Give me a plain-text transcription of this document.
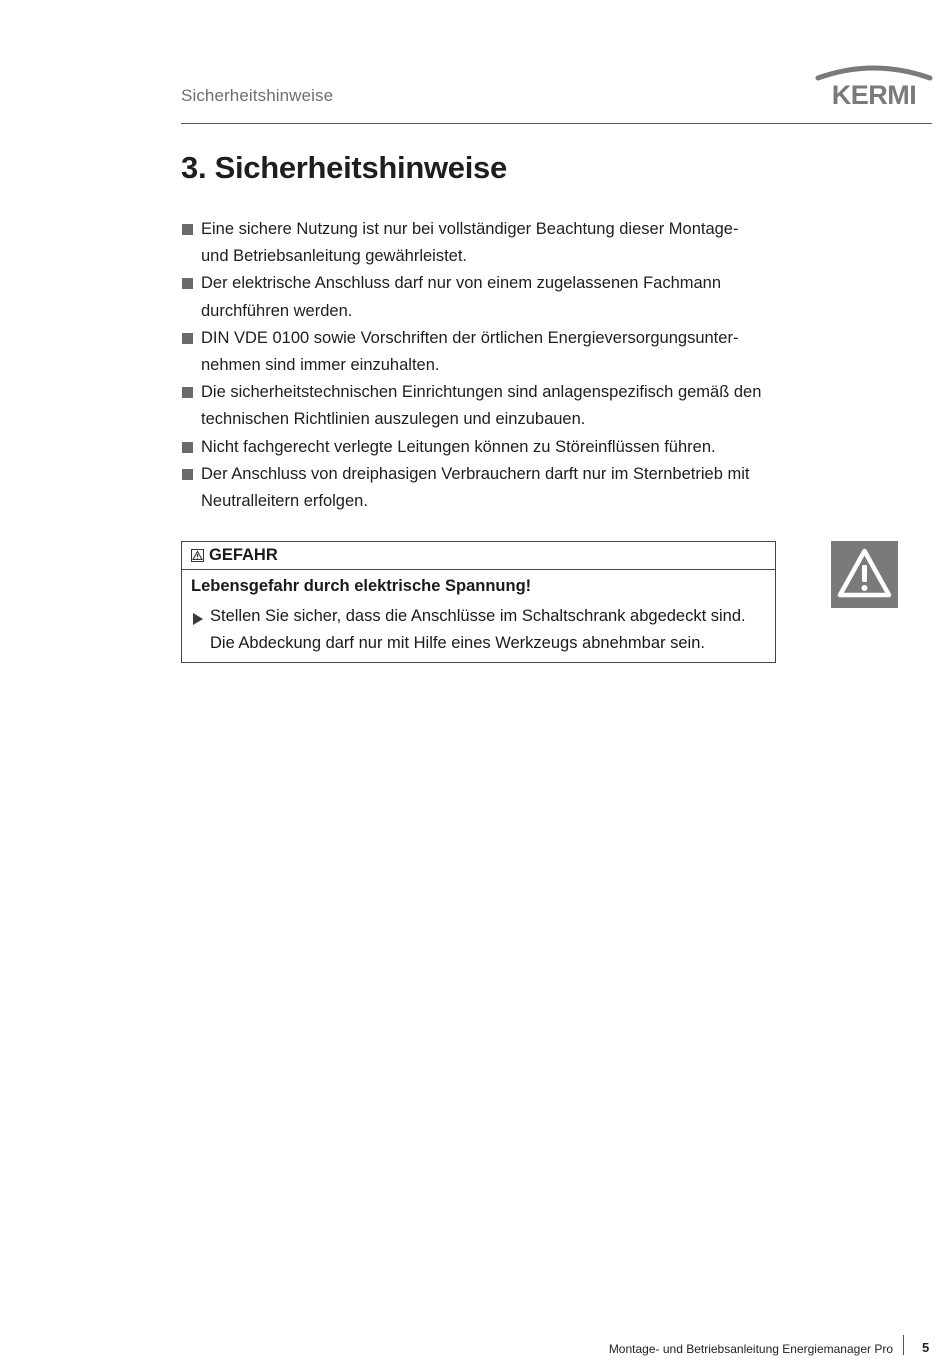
Sicherheitshinweise	KERMI
3. Sicherheitshinweise
Eine sichere Nutzung ist nur bei vollständiger Beachtung dieser Montage-
und Betriebsanleitung gewährleistet.
Der elektrische Anschluss darf nur von einem zugelassenen Fachmann
durchführen werden.
DIN VDE 0100 sowie Vorschriften der örtlichen Energieversorgungsunter-
nehmen sind immer einzuhalten.
Die sicherheitstechnischen Einrichtungen sind anlagenspezifisch gemäß den
technischen Richtlinien auszulegen und einzubauen.
Nicht fachgerecht verlegte Leitungen können zu Störeinflüssen führen.
Der Anschluss von dreiphasigen Verbrauchern darft nur im Sternbetrieb mit
Neutralleitern erfolgen.
GEFAHR
Lebensgefahr durch elektrische Spannung!
Stellen Sie sicher, dass die Anschlüsse im Schaltschrank abgedeckt sind.
Die Abdeckung darf nur mit Hilfe eines Werkzeugs abnehmbar sein.
Montage- und Betriebsanleitung Energiemanager Pro 5
